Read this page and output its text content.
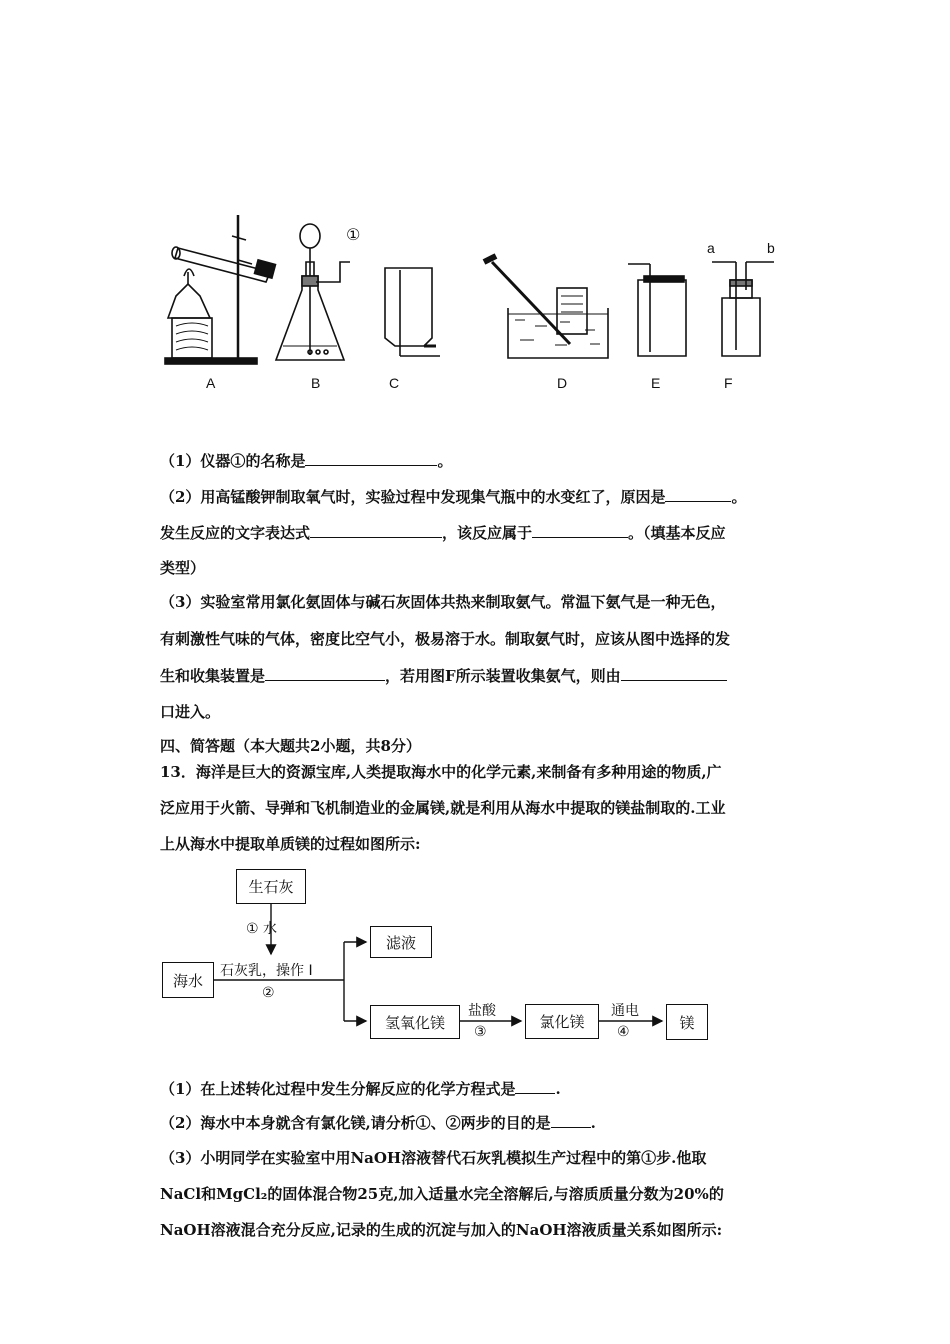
①
A	B	C	D	E	F
a	b
（1）仪器①的名称是	。
（2）用高锰酸钾制取氧气时，实验过程中发现集气瓶中的水变红了，原因是	。
发生反应的文字表达式	，该反应属于	。（填基本反应
类型）
（3）实验室常用氯化氨固体与碱石灰固体共热来制取氨气。常温下氨气是一种无色，
有刺激性气味的气体，密度比空气小，极易溶于水。制取氨气时，应该从图中选择的发
生和收集装置是	，若用图F所示装置收集氨气，则由
口进入。
四、简答题（本大题共2小题，共8分）
13．海洋是巨大的资源宝库,人类提取海水中的化学元素,来制备有多种用途的物质,广
泛应用于火箭、导弹和飞机制造业的金属镁,就是利用从海水中提取的镁盐制取的.工业
上从海水中提取单质镁的过程如图所示:
生石灰
① 水
海水
石灰乳，操作 I
②
滤液
氢氧化镁
盐酸
③
氯化镁
通电
④
镁
（1）在上述转化过程中发生分解反应的化学方程式是	.
（2）海水中本身就含有氯化镁,请分析①、②两步的目的是	.
（3）小明同学在实验室中用NaOH溶液替代石灰乳模拟生产过程中的第①步.他取
NaCl和MgCl₂的固体混合物25克,加入适量水完全溶解后,与溶质质量分数为20%的
NaOH溶液混合充分反应,记录的生成的沉淀与加入的NaOH溶液质量关系如图所示:
